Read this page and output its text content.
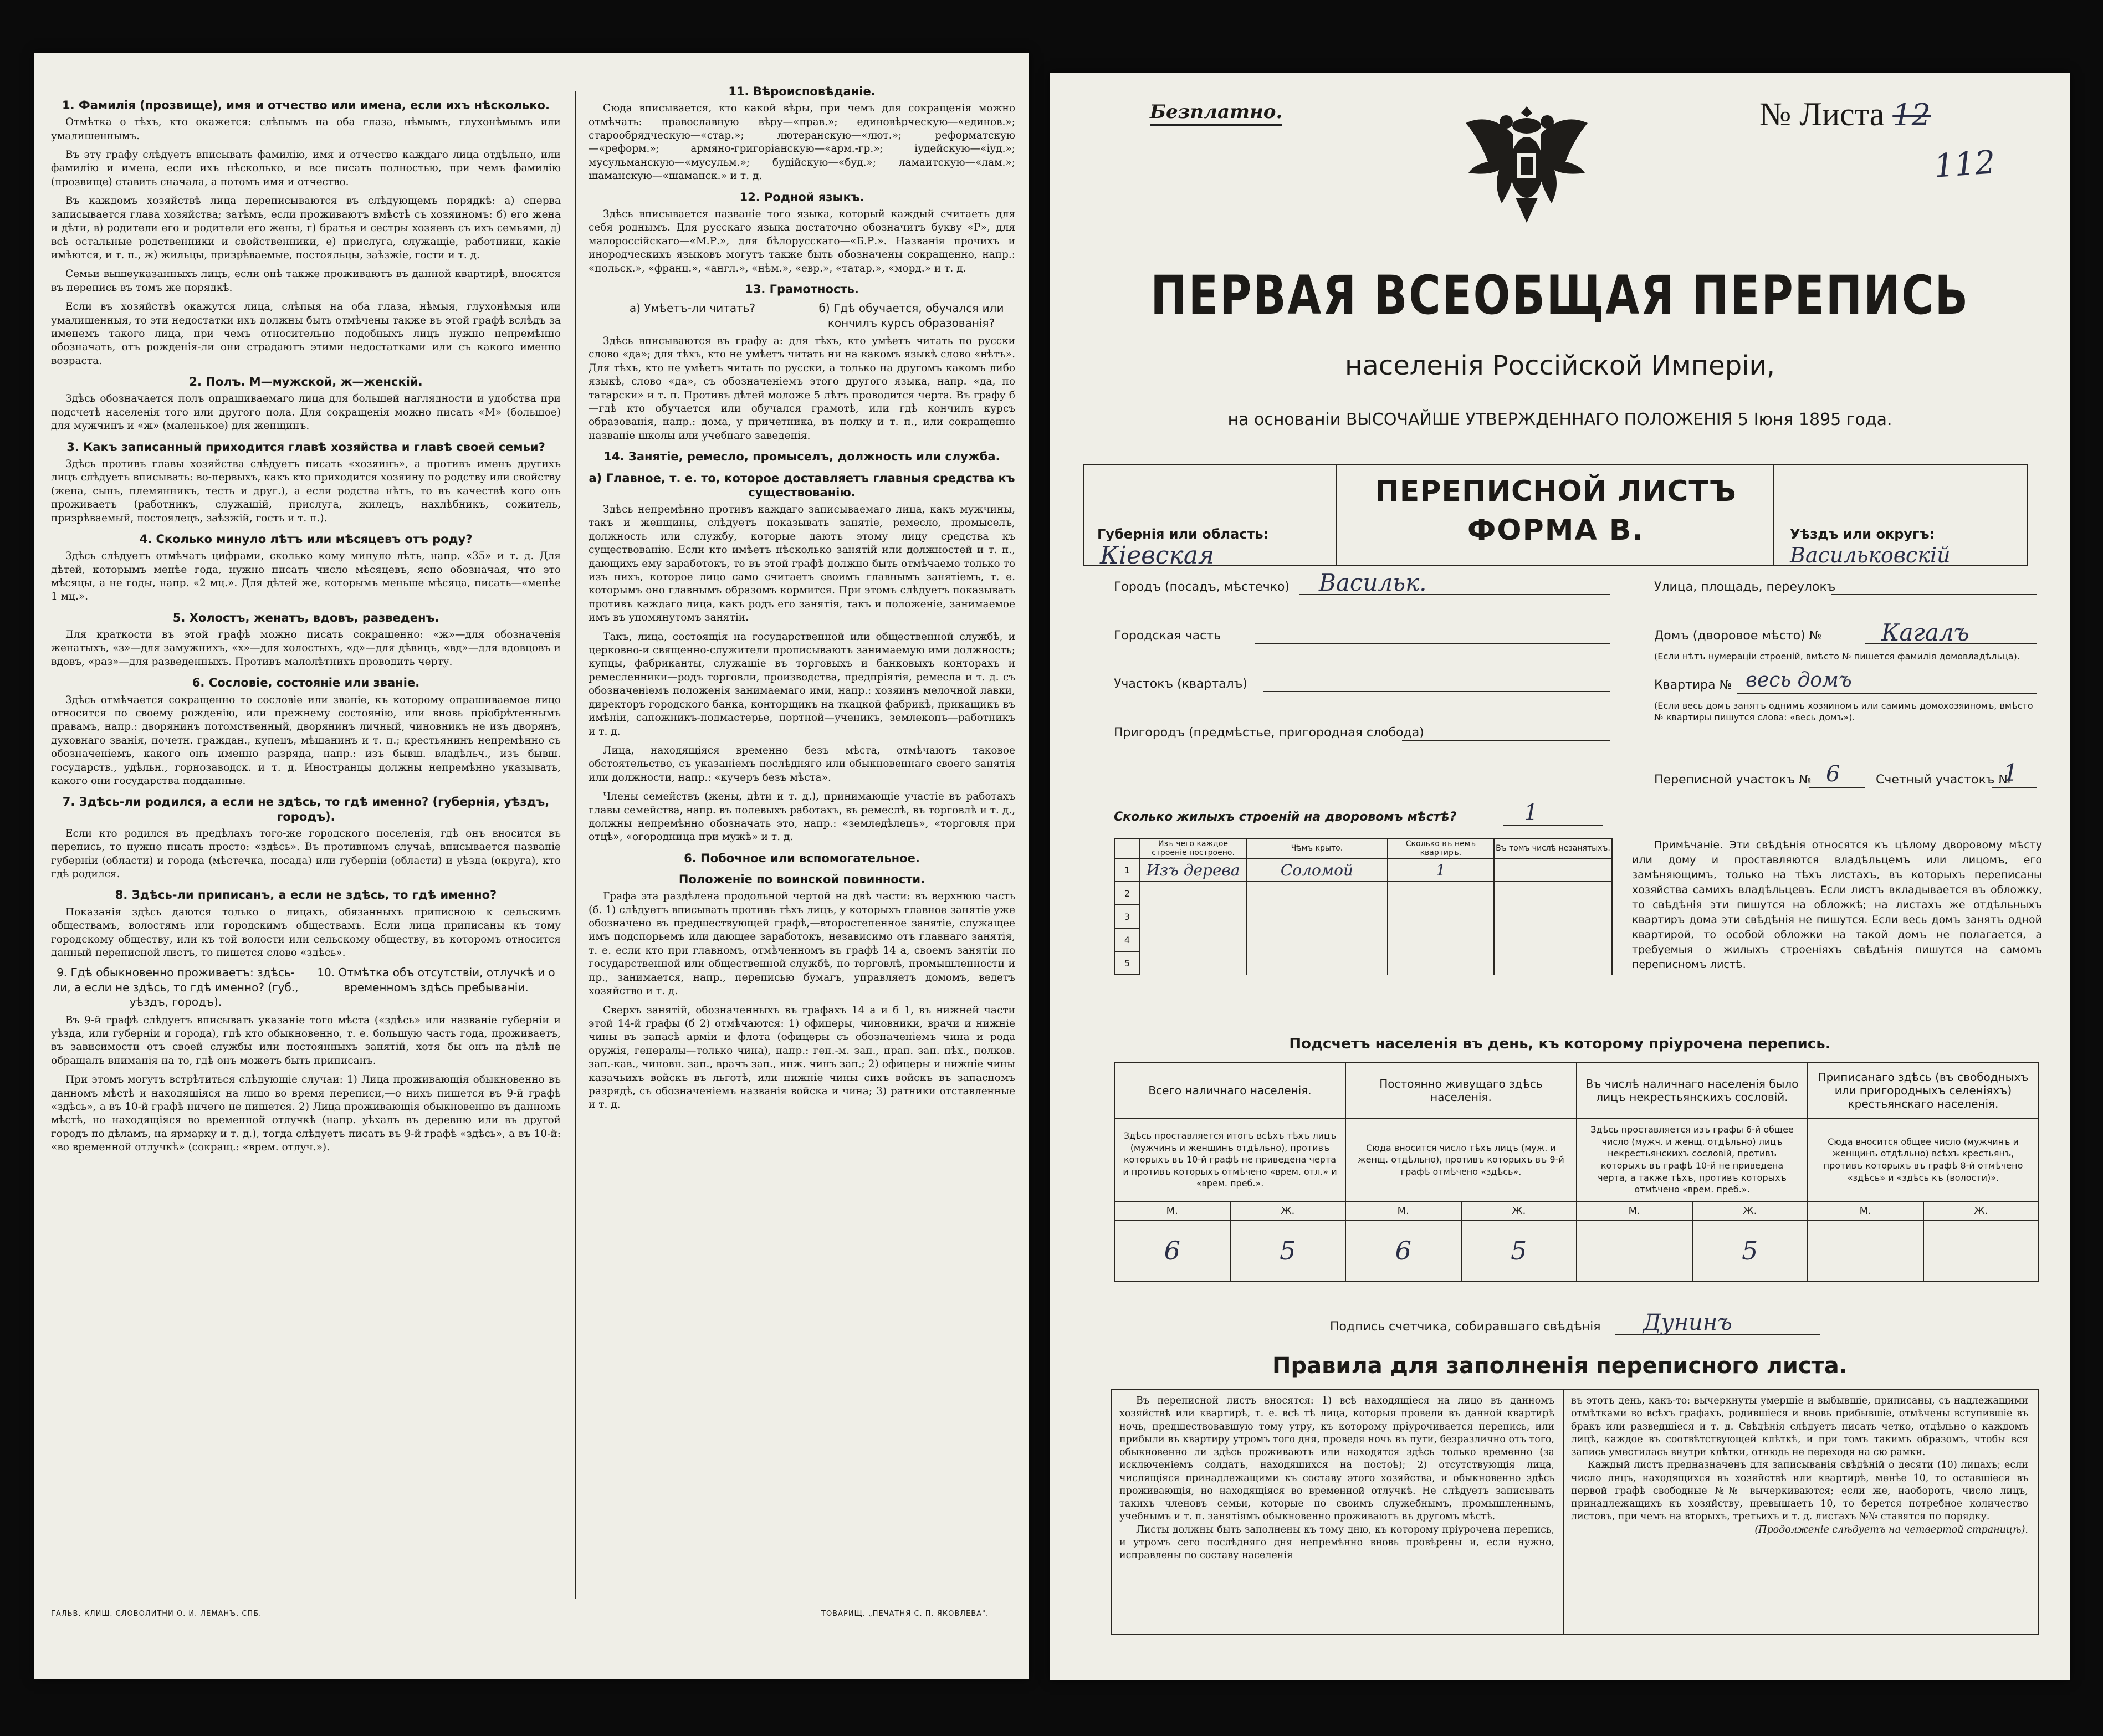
1. Фамилія (прозвище), имя и отчество или имена, если ихъ нѣсколько.

Отмѣтка о тѣхъ, кто окажется: слѣпымъ на оба глаза, нѣмымъ, глухонѣмымъ или умалишеннымъ.

Въ эту графу слѣдуетъ вписывать фамилію, имя и отчество каждаго лица отдѣльно, или фамилію и имена, если ихъ нѣсколько, и все писать полностью, при чемъ фамилію (прозвище) ставить сначала, а потомъ имя и отчество.

Въ каждомъ хозяйствѣ лица переписываются въ слѣдующемъ порядкѣ: а) сперва записывается глава хозяйства; затѣмъ, если проживаютъ вмѣстѣ съ хозяиномъ: б) его жена и дѣти, в) родители его и родители его жены, г) братья и сестры хозяевъ съ ихъ семьями, д) всѣ остальные родственники и свойственники, е) прислуга, служащіе, работники, какіе имѣются, и т. п., ж) жильцы, призрѣваемые, постояльцы, заѣзжіе, гости и т. д.

Семьи вышеуказанныхъ лицъ, если онѣ также проживаютъ въ данной квартирѣ, вносятся въ перепись въ томъ же порядкѣ.

Если въ хозяйствѣ окажутся лица, слѣпыя на оба глаза, нѣмыя, глухонѣмыя или умалишенныя, то эти недостатки ихъ должны быть отмѣчены также въ этой графѣ вслѣдъ за именемъ такого лица, при чемъ относительно подобныхъ лицъ нужно непремѣнно обозначать, отъ рожденія-ли они страдаютъ этими недостатками или съ какого именно возраста.

2. Полъ. М—мужской, ж—женскій.

Здѣсь обозначается полъ опрашиваемаго лица для большей наглядности и удобства при подсчетѣ населенія того или другого пола. Для сокращенія можно писать «М» (большое) для мужчинъ и «ж» (маленькое) для женщинъ.

3. Какъ записанный приходится главѣ хозяйства и главѣ своей семьи?

Здѣсь противъ главы хозяйства слѣдуетъ писать «хозяинъ», а противъ именъ другихъ лицъ слѣдуетъ вписывать: во-первыхъ, какъ кто приходится хозяину по родству или свойству (жена, сынъ, племянникъ, тесть и друг.), а если родства нѣтъ, то въ качествѣ кого онъ проживаетъ (работникъ, служащій, прислуга, жилецъ, нахлѣбникъ, сожитель, призрѣваемый, постоялецъ, заѣзжій, гость и т. п.).

4. Сколько минуло лѣтъ или мѣсяцевъ отъ роду?

Здѣсь слѣдуетъ отмѣчать цифрами, сколько кому минуло лѣтъ, напр. «35» и т. д. Для дѣтей, которымъ менѣе года, нужно писать число мѣсяцевъ, ясно обозначая, что это мѣсяцы, а не годы, напр. «2 мц.». Для дѣтей же, которымъ меньше мѣсяца, писать—«менѣе 1 мц.».

5. Холостъ, женатъ, вдовъ, разведенъ.

Для краткости въ этой графѣ можно писать сокращенно: «ж»—для обозначенія женатыхъ, «з»—для замужнихъ, «х»—для холостыхъ, «д»—для дѣвицъ, «вд»—для вдовцовъ и вдовъ, «раз»—для разведенныхъ. Противъ малолѣтнихъ проводить черту.

6. Сословіе, состояніе или званіе.

Здѣсь отмѣчается сокращенно то сословіе или званіе, къ которому опрашиваемое лицо относится по своему рожденію, или прежнему состоянію, или вновь пріобрѣтеннымъ правамъ, напр.: дворянинъ потомственный, дворянинъ личный, чиновникъ не изъ дворянъ, духовнаго званія, почетн. граждан., купецъ, мѣщанинъ и т. п.; крестьянинъ непремѣнно съ обозначеніемъ, какого онъ именно разряда, напр.: изъ бывш. владѣльч., изъ бывш. государств., удѣльн., горнозаводск. и т. д. Иностранцы должны непремѣнно указывать, какого они государства подданные.

7. Здѣсь-ли родился, а если не здѣсь, то гдѣ именно? (губернія, уѣздъ, городъ).

Если кто родился въ предѣлахъ того-же городского поселенія, гдѣ онъ вносится въ перепись, то нужно писать просто: «здѣсь». Въ противномъ случаѣ, вписывается названіе губерніи (области) и города (мѣстечка, посада) или губерніи (области) и уѣзда (округа), кто гдѣ родился.

8. Здѣсь-ли приписанъ, а если не здѣсь, то гдѣ именно?

Показанія здѣсь даются только о лицахъ, обязанныхъ приписною к сельскимъ обществамъ, волостямъ или городскимъ обществамъ. Если лица приписаны къ тому городскому обществу, или къ той волости или сельскому обществу, въ которомъ относится данный переписной листъ, то пишется слово «здѣсь».

9. Гдѣ обыкновенно проживаетъ: здѣсь-ли, а если не здѣсь, то гдѣ именно? (губ., уѣздъ, городъ).
10. Отмѣтка объ отсутствіи, отлучкѣ и о временномъ здѣсь пребываніи.

Въ 9-й графѣ слѣдуетъ вписывать указаніе того мѣста («здѣсь» или названіе губерніи и уѣзда, или губерніи и города), гдѣ кто обыкновенно, т. е. большую часть года, проживаетъ, въ зависимости отъ своей службы или постоянныхъ занятій, хотя бы онъ на дѣлѣ не обращалъ вниманія на то, гдѣ онъ можетъ быть приписанъ.

При этомъ могутъ встрѣтиться слѣдующіе случаи: 1) Лица проживающія обыкновенно въ данномъ мѣстѣ и находящіяся на лицо во время переписи,—о нихъ пишется въ 9-й графѣ «здѣсь», а въ 10-й графѣ ничего не пишется. 2) Лица проживающія обыкновенно въ данномъ мѣстѣ, но находящіяся во временной отлучкѣ (напр. уѣхалъ въ деревню или въ другой городъ по дѣламъ, на ярмарку и т. д.), тогда слѣдуетъ писать въ 9-й графѣ «здѣсь», а въ 10-й: «во временной отлучкѣ» (сокращ.: «врем. отлуч.»).

11. Вѣроисповѣданіе.

Сюда вписывается, кто какой вѣры, при чемъ для сокращенія можно отмѣчать: православную вѣру—«прав.»; единовѣрческую—«единов.»; старообрядческую—«стар.»; лютеранскую—«лют.»; реформатскую—«реформ.»; армяно-григоріанскую—«арм.-гр.»; іудейскую—«іуд.»; мусульманскую—«мусульм.»; будійскую—«буд.»; ламаитскую—«лам.»; шаманскую—«шаманск.» и т. д.

12. Родной языкъ.

Здѣсь вписывается названіе того языка, который каждый считаетъ для себя роднымъ. Для русскаго языка достаточно обозначитъ букву «Р», для малороссійскаго—«М.Р.», для бѣлорусскаго—«Б.Р.». Названія прочихъ и инородческихъ языковъ могутъ также быть обозначены сокращенно, напр.: «польск.», «франц.», «англ.», «нѣм.», «евр.», «татар.», «морд.» и т. д.

13. Грамотность.
а) Умѣетъ-ли читать?	б) Гдѣ обучается, обучался или кончилъ курсъ образованія?

Здѣсь вписываются въ графу а: для тѣхъ, кто умѣетъ читать по русски слово «да»; для тѣхъ, кто не умѣетъ читать ни на какомъ языкѣ слово «нѣтъ». Для тѣхъ, кто не умѣетъ читать по русски, а только на другомъ какомъ либо языкѣ, слово «да», съ обозначеніемъ этого другого языка, напр. «да, по татарски» и т. п. Противъ дѣтей моложе 5 лѣтъ проводится черта. Въ графу б—гдѣ кто обучается или обучался грамотѣ, или гдѣ кончилъ курсъ образованія, напр.: дома, у причетника, въ полку и т. п., или сокращенно названіе школы или учебнаго заведенія.

14. Занятіе, ремесло, промыселъ, должность или служба.
а) Главное, т. е. то, которое доставляетъ главныя средства къ существованію.

Здѣсь непремѣнно противъ каждаго записываемаго лица, какъ мужчины, такъ и женщины, слѣдуетъ показывать занятіе, ремесло, промыселъ, должность или службу, которые даютъ этому лицу средства къ существованію. Если кто имѣетъ нѣсколько занятій или должностей и т. п., дающихъ ему заработокъ, то въ этой графѣ должно быть отмѣчаемо только то изъ нихъ, которое лицо само считаетъ своимъ главнымъ занятіемъ, т. е. которымъ оно главнымъ образомъ кормится. При этомъ слѣдуетъ показывать противъ каждаго лица, какъ родъ его занятія, такъ и положеніе, занимаемое имъ въ упомянутомъ занятіи.

Такъ, лица, состоящія на государственной или общественной службѣ, и церковно-и священно-служители прописываютъ занимаемую ими должность; купцы, фабриканты, служащіе въ торговыхъ и банковыхъ конторахъ и ремесленники—родъ торговли, производства, предпріятія, ремесла и т. д. съ обозначеніемъ положенія занимаемаго ими, напр.: хозяинъ мелочной лавки, директоръ городского банка, конторщикъ на ткацкой фабрикѣ, прикащикъ въ имѣніи, сапожникъ-подмастерье, портной—ученикъ, землекопъ—работникъ и т. д.

Лица, находящіяся временно безъ мѣста, отмѣчаютъ таковое обстоятельство, съ указаніемъ послѣдняго или обыкновеннаго своего занятія или должности, напр.: «кучеръ безъ мѣста».

Члены семействъ (жены, дѣти и т. д.), принимающіе участіе въ работахъ главы семейства, напр. въ полевыхъ работахъ, въ ремеслѣ, въ торговлѣ и т. д., должны непремѣнно обозначать это, напр.: «земледѣлецъ», «торговля при отцѣ», «огородница при мужѣ» и т. д.

6. Побочное или вспомогательное.
Положеніе по воинской повинности.

Графа эта раздѣлена продольной чертой на двѣ части: въ верхнюю часть (б. 1) слѣдуетъ вписывать противъ тѣхъ лицъ, у которыхъ главное занятіе уже обозначено въ предшествующей графѣ,—второстепенное занятіе, служащее имъ подспорьемъ или дающее заработокъ, независимо отъ главнаго занятія, т. е. если кто при главномъ, отмѣченномъ въ графѣ 14 а, своемъ занятіи по государственной или общественной службѣ, по торговлѣ, промышленности и пр., занимается, напр., переписью бумагъ, управляетъ домомъ, ведетъ хозяйство и т. д.

Сверхъ занятій, обозначенныхъ въ графахъ 14 а и б 1, въ нижней части этой 14-й графы (б 2) отмѣчаются: 1) офицеры, чиновники, врачи и нижніе чины въ запасѣ арміи и флота (офицеры съ обозначеніемъ чина и рода оружія, генералы—только чина), напр.: ген.-м. зап., прап. зап. пѣх., полков. зап.-кав., чиновн. зап., врачъ зап., инж. чинъ зап.; 2) офицеры и нижніе чины казачьихъ войскъ въ льготѣ, или нижніе чины сихъ войскъ въ запасномъ разрядѣ, съ обозначеніемъ названія войска и чина; 3) ратники отставленные и т. д.

ГАЛЬВ. КЛИШ. СЛОВОЛИТНИ О. И. ЛЕМАНЪ, СПБ.	ТОВАРИЩ. „ПЕЧАТНЯ С. П. ЯКОВЛЕВА".
Безплатно.	№ Листа 12
112
ПЕРВАЯ ВСЕОБЩАЯ ПЕРЕПИСЬ
населенія Россійской Имперіи,
на основаніи ВЫСОЧАЙШЕ УТВЕРЖДЕННАГО ПОЛОЖЕНІЯ 5 Іюня 1895 года.
Губернія или область:
Кіевская
ПЕРЕПИСНОЙ ЛИСТЪ
ФОРМА В.	Уѣздъ или округъ:
Васильковскій
Городъ (посадъ, мѣстечко) Васильк.	Улица, площадь, переулокъ
Городская часть	Домъ (дворовое мѣсто) №	Кагалъ
(Если нѣтъ нумераціи строеній, вмѣсто № пишется фамилія домовладѣльца).
Участокъ (кварталъ)	Квартира № весь домъ
(Если весь домъ занятъ однимъ хозяиномъ или самимъ домохозяиномъ, вмѣсто № квартиры пишутся слова: «весь домъ»).
Пригородъ (предмѣстье, пригородная слобода)
Переписной участокъ № 6	Счетный участокъ №
1
Сколько жилыхъ строеній на дворовомъ мѣстѣ?	1
	Изъ чего каждое строеніе построено.	Чѣмъ крыто.	Сколько въ немъ квартиръ.	Въ томъ числѣ незанятыхъ.
1	Изъ дерева	Соломой	1	
2				
3				
4				
5				
Примѣчаніе. Эти свѣдѣнія относятся къ цѣлому дворовому мѣсту или дому и проставляются владѣльцемъ или лицомъ, его замѣняющимъ, только на тѣхъ листахъ, въ которыхъ переписаны хозяйства самихъ владѣльцевъ. Если листъ вкладывается въ обложку, то свѣдѣнія эти пишутся на обложкѣ; на листахъ же отдѣльныхъ квартиръ дома эти свѣдѣнія не пишутся. Если весь домъ занятъ одной квартирой, то особой обложки на такой домъ не полагается, а требуемыя о жилыхъ строеніяхъ свѣдѣнія пишутся на самомъ переписномъ листѣ.
Подсчетъ населенія въ день, къ которому пріурочена перепись.
Всего наличнаго населенія.		Постоянно живущаго здѣсь населенія.		Въ числѣ наличнаго населенія было лицъ некрестьянскихъ сословій.		Приписанаго здѣсь (въ свободныхъ или пригородныхъ селеніяхъ) крестьянскаго населенія.	
Здѣсь проставляется итогъ всѣхъ тѣхъ лицъ (мужчинъ и женщинъ отдѣльно), противъ которыхъ въ 10-й графѣ не приведена черта и противъ которыхъ отмѣчено «врем. отл.» и «врем. преб.».		Сюда вносится число тѣхъ лицъ (муж. и женщ. отдѣльно), противъ которыхъ въ 9-й графѣ отмѣчено «здѣсь».		Здѣсь проставляется изъ графы 6-й общее число (мужч. и женщ. отдѣльно) лицъ некрестьянскихъ сословій, противъ которыхъ въ графѣ 10-й не приведена черта, а также тѣхъ, противъ которыхъ отмѣчено «врем. преб.».		Сюда вносится общее число (мужчинъ и женщинъ отдѣльно) всѣхъ крестьянъ, противъ которыхъ въ графѣ 8-й отмѣчено «здѣсь» и «здѣсь къ (волости)».	
М.	Ж.	М.	Ж.	М.	Ж.	М.	Ж.
6	5	6	5		5		
Подпись счетчика, собиравшаго свѣдѣнія Дунинъ
Правила для заполненія переписного листа.

Въ переписной листъ вносятся: 1) всѣ находящіеся на лицо въ данномъ хозяйствѣ или квартирѣ, т. е. всѣ тѣ лица, которыя провели въ данной квартирѣ ночь, предшествовавшую тому утру, къ которому пріурочивается перепись, или прибыли въ квартиру утромъ того дня, проведя ночь въ пути, безразлично отъ того, обыкновенно ли здѣсь проживаютъ или находятся здѣсь только временно (за исключеніемъ солдатъ, находящихся на постоѣ); 2) отсутствующія лица, числящіяся принадлежащими къ составу этого хозяйства, и обыкновенно здѣсь проживающія, но находящіяся во временной отлучкѣ. Не слѣдуетъ записывать такихъ членовъ семьи, которые по своимъ служебнымъ, промышленнымъ, учебнымъ и т. п. занятіямъ обыкновенно проживаютъ въ другомъ мѣстѣ.

Листы должны быть заполнены къ тому дню, къ которому пріурочена перепись, и утромъ сего послѣдняго дня непремѣнно вновь провѣрены и, если нужно, исправлены по составу населенія

въ этотъ день, какъ-то: вычеркнуты умершіе и выбывшіе, приписаны, съ надлежащими отмѣтками во всѣхъ графахъ, родившіеся и вновь прибывшіе, отмѣчены вступившіе въ бракъ или разведшіеся и т. д. Свѣдѣнія слѣдуетъ писать четко, отдѣльно о каждомъ лицѣ, каждое въ соотвѣтствующей клѣткѣ, и при томъ такимъ образомъ, чтобы вся запись уместилась внутри клѣтки, отнюдь не переходя на сю рамки.

Каждый листъ предназначенъ для записыванія свѣдѣній о десяти (10) лицахъ; если число лицъ, находящихся въ хозяйствѣ или квартирѣ, менѣе 10, то оставшіеся въ первой графѣ свободные №№ вычеркиваются; если же, наоборотъ, число лицъ, принадлежащихъ къ хозяйству, превышаетъ 10, то берется потребное количество листовъ, при чемъ на вторыхъ, третьихъ и т. д. листахъ №№ ставятся по порядку.

(Продолженіе слѣдуетъ на четвертой страницѣ).
